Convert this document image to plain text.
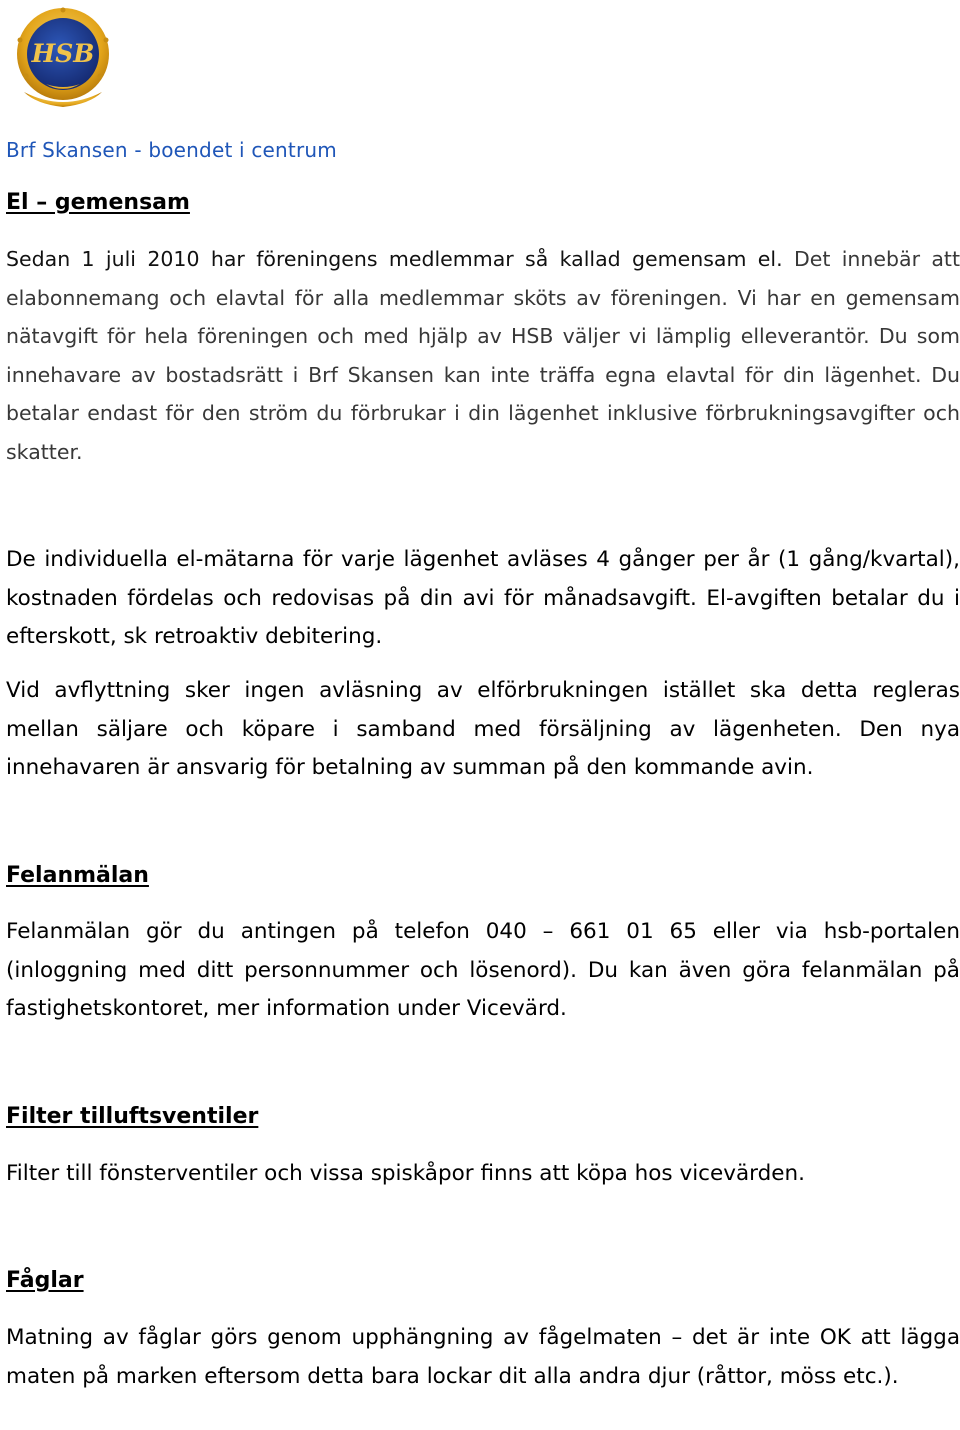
HSB
Brf Skansen - boendet i centrum
El – gemensam

Sedan 1 juli 2010 har föreningens medlemmar så kallad gemensam el. Det innebär att elabonnemang och elavtal för alla medlemmar sköts av föreningen. Vi har en gemensam nätavgift för hela föreningen och med hjälp av HSB väljer vi lämplig elleverantör. Du som innehavare av bostadsrätt i Brf Skansen kan inte träffa egna elavtal för din lägenhet. Du betalar endast för den ström du förbrukar i din lägenhet inklusive förbrukningsavgifter och skatter.

De individuella el-mätarna för varje lägenhet avläses 4 gånger per år (1 gång/kvartal), kostnaden fördelas och redovisas på din avi för månadsavgift. El-avgiften betalar du i efterskott, sk retroaktiv debitering.

Vid avflyttning sker ingen avläsning av elförbrukningen istället ska detta regleras mellan säljare och köpare i samband med försäljning av lägenheten. Den nya innehavaren är ansvarig för betalning av summan på den kommande avin.

Felanmälan

Felanmälan gör du antingen på telefon 040 – 661 01 65 eller via hsb-portalen (inloggning med ditt personnummer och lösenord). Du kan även göra felanmälan på fastighetskontoret, mer information under Vicevärd.

Filter tilluftsventiler

Filter till fönsterventiler och vissa spiskåpor finns att köpa hos vicevärden.

Fåglar

Matning av fåglar görs genom upphängning av fågelmaten – det är inte OK att lägga maten på marken eftersom detta bara lockar dit alla andra djur (råttor, möss etc.).
